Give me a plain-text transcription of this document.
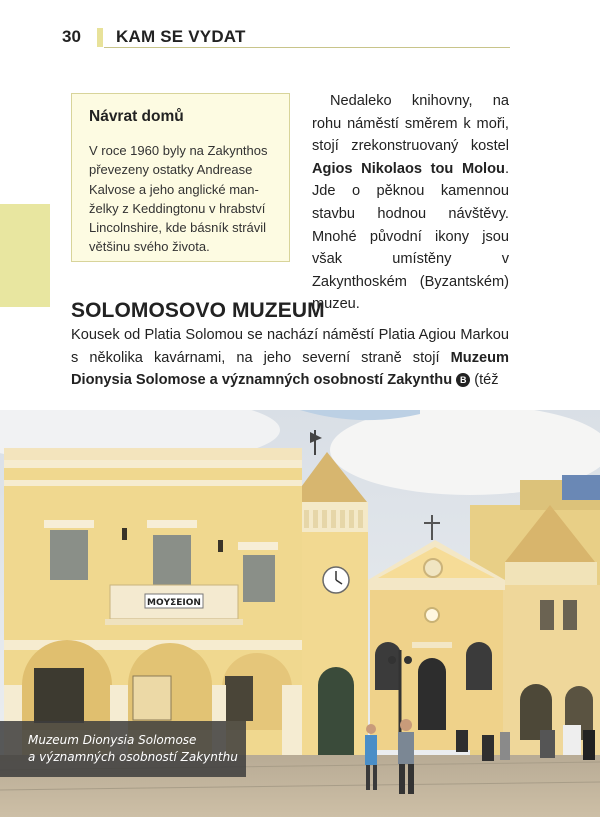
30 KAM SE VYDAT
Návrat domů

V roce 1960 byly na Zakynthos
převezeny ostatky Andrease
Kalvose a jeho anglické man-
želky z Keddingtonu v hrabství
Lincolnshire, kde básník strávil
většinu svého života.

Nedaleko knihovny, na rohu náměstí směrem k moři, stojí zrekonstruovaný kostel Agios Nikolaos tou Molou. Jde o pěknou kamennou stavbu hodnou návštěvy. Mnohé původní ikony jsou však umístěny v Zakynthoském (Byzantském) muzeu.

SOLOMOSOVO MUZEUM

Kousek od Platia Solomou se nachází náměstí Platia Agiou Markou s několika kavárnami, na jeho severní straně stojí Muzeum Dionysia Solomose a významných osobností Zakynthu B (též

ΜΟΥΣΕΙΟΝ
Muzeum Dionysia Solomose
a významných osobností Zakynthu
